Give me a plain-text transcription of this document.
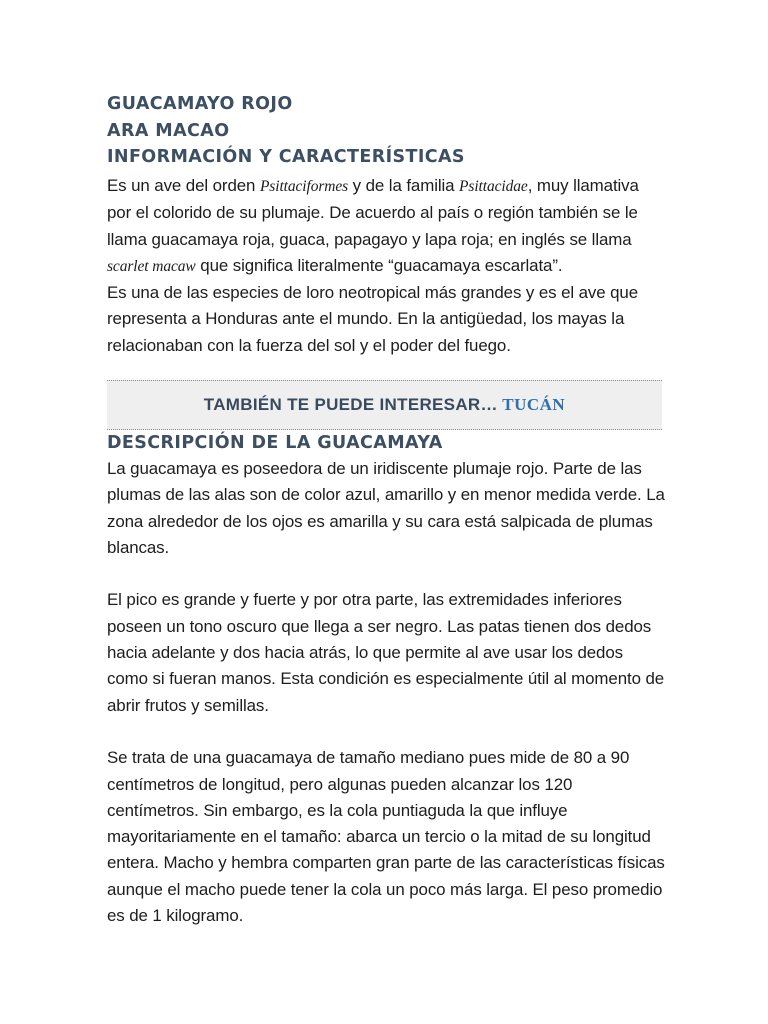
GUACAMAYO ROJO
ARA MACAO
INFORMACIÓN Y CARACTERÍSTICAS

Es un ave del orden Psittaciformes y de la familia Psittacidae, muy llamativa por el colorido de su plumaje. De acuerdo al país o región también se le llama guacamaya roja, guaca, papagayo y lapa roja; en inglés se llama scarlet macaw que significa literalmente “guacamaya escarlata”.

Es una de las especies de loro neotropical más grandes y es el ave que representa a Honduras ante el mundo. En la antigüedad, los mayas la relacionaban con la fuerza del sol y el poder del fuego.

TAMBIÉN TE PUEDE INTERESAR… TUCÁN
DESCRIPCIÓN DE LA GUACAMAYA

La guacamaya es poseedora de un iridiscente plumaje rojo. Parte de las plumas de las alas son de color azul, amarillo y en menor medida verde. La zona alrededor de los ojos es amarilla y su cara está salpicada de plumas blancas.

El pico es grande y fuerte y por otra parte, las extremidades inferiores poseen un tono oscuro que llega a ser negro. Las patas tienen dos dedos hacia adelante y dos hacia atrás, lo que permite al ave usar los dedos como si fueran manos. Esta condición es especialmente útil al momento de abrir frutos y semillas.

Se trata de una guacamaya de tamaño mediano pues mide de 80 a 90 centímetros de longitud, pero algunas pueden alcanzar los 120 centímetros. Sin embargo, es la cola puntiaguda la que influye mayoritariamente en el tamaño: abarca un tercio o la mitad de su longitud entera. Macho y hembra comparten gran parte de las características físicas aunque el macho puede tener la cola un poco más larga. El peso promedio es de 1 kilogramo.
